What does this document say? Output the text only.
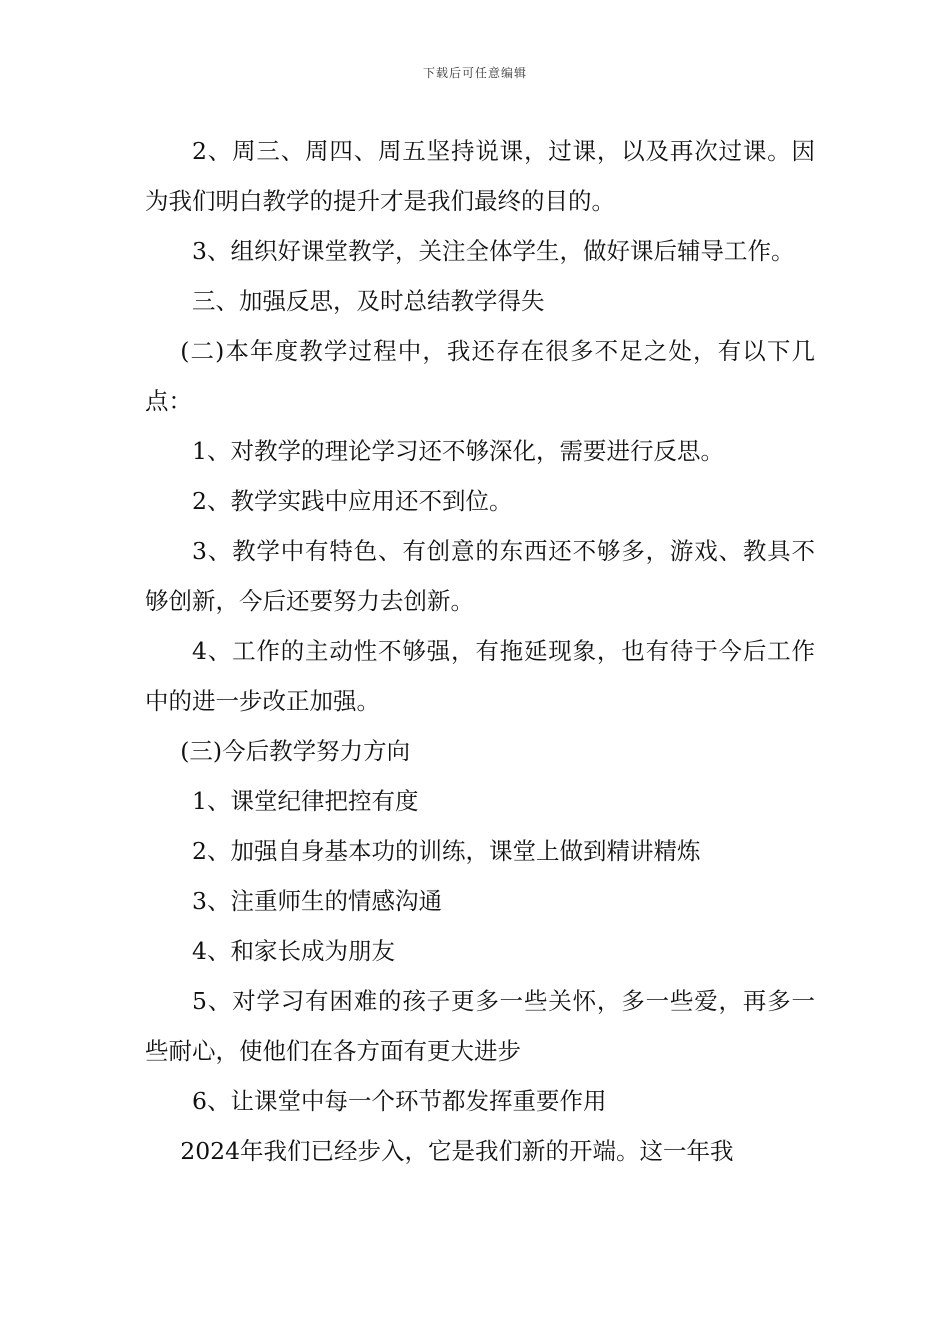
下载后可任意编辑

2、周三、周四、周五坚持说课，过课，以及再次过课。因为我们明白教学的提升才是我们最终的目的。

3、组织好课堂教学，关注全体学生，做好课后辅导工作。

三、加强反思，及时总结教学得失

(二)本年度教学过程中，我还存在很多不足之处，有以下几点：

1、对教学的理论学习还不够深化，需要进行反思。

2、教学实践中应用还不到位。

3、教学中有特色、有创意的东西还不够多，游戏、教具不够创新，今后还要努力去创新。

4、工作的主动性不够强，有拖延现象，也有待于今后工作中的进一步改正加强。

(三)今后教学努力方向

1、课堂纪律把控有度

2、加强自身基本功的训练，课堂上做到精讲精炼

3、注重师生的情感沟通

4、和家长成为朋友

5、对学习有困难的孩子更多一些关怀，多一些爱，再多一些耐心，使他们在各方面有更大进步

6、让课堂中每一个环节都发挥重要作用

2024年我们已经步入，它是我们新的开端。这一年我
